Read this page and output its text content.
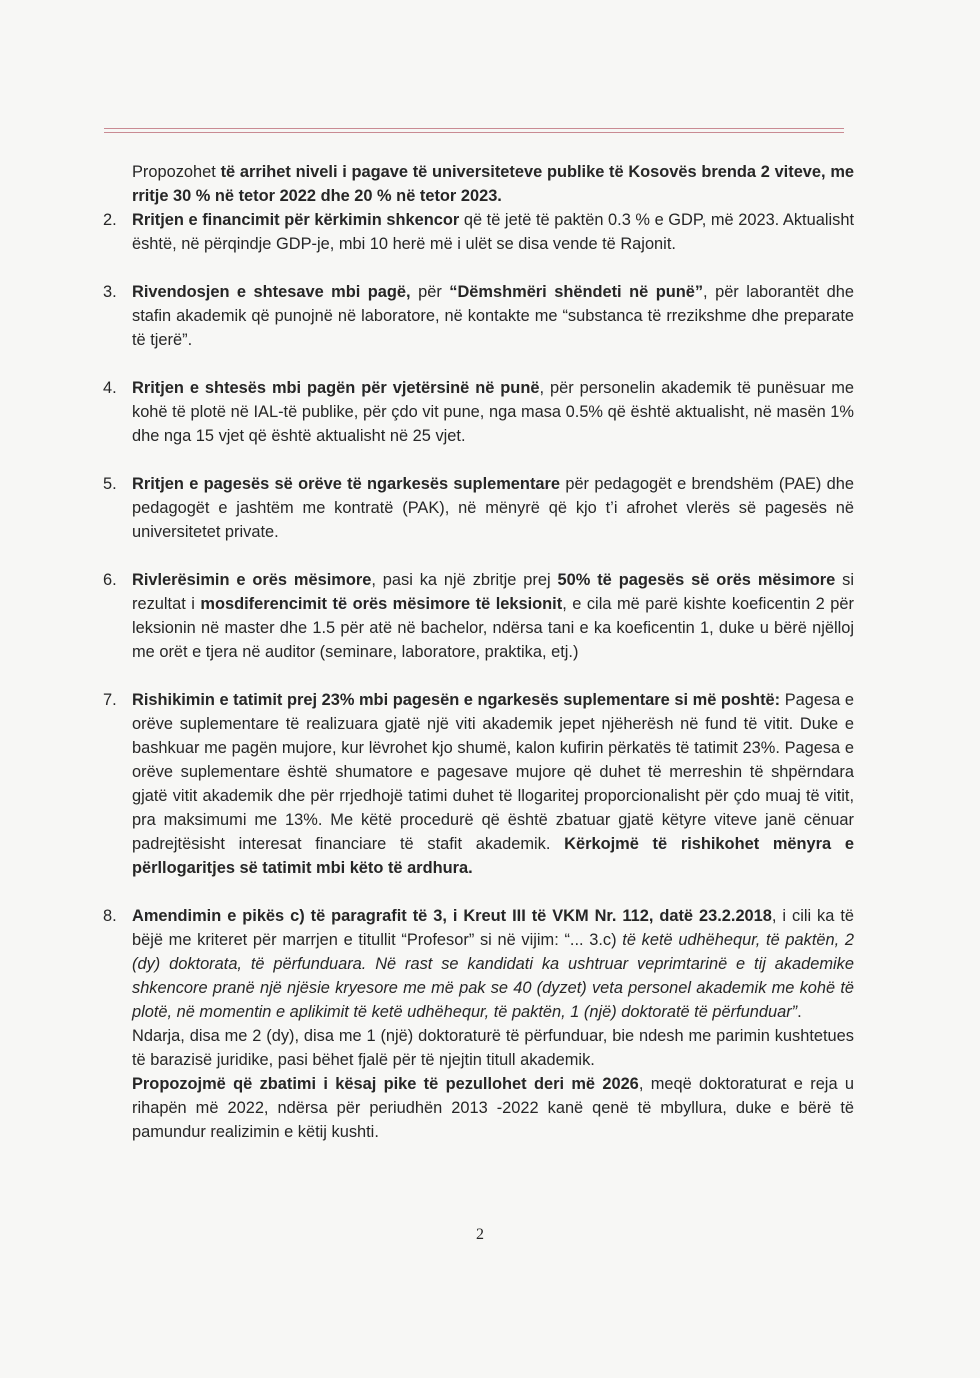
Propozohet të arrihet niveli i pagave të universiteteve publike të Kosovës brenda 2 viteve, me rritje 30 % në tetor 2022 dhe 20 % në tetor 2023.

2. Rritjen e financimit për kërkimin shkencor që të jetë të paktën 0.3 % e GDP, më 2023. Aktualisht është, në përqindje GDP-je, mbi 10 herë më i ulët se disa vende të Rajonit.

3. Rivendosjen e shtesave mbi pagë, për “Dëmshmëri shëndeti në punë”, për laborantët dhe stafin akademik që punojnë në laboratore, në kontakte me “substanca të rrezikshme dhe preparate të tjerë”.

4. Rritjen e shtesës mbi pagën për vjetërsinë në punë, për personelin akademik të punësuar me kohë të plotë në IAL-të publike, për çdo vit pune, nga masa 0.5% që është aktualisht, në masën 1% dhe nga 15 vjet që është aktualisht në 25 vjet.

5. Rritjen e pagesës së orëve të ngarkesës suplementare për pedagogët e brendshëm (PAE) dhe pedagogët e jashtëm me kontratë (PAK), në mënyrë që kjo t’i afrohet vlerës së pagesës në universitetet private.

6. Rivlerësimin e orës mësimore, pasi ka një zbritje prej 50% të pagesës së orës mësimore si rezultat i mosdiferencimit të orës mësimore të leksionit, e cila më parë kishte koeficentin 2 për leksionin në master dhe 1.5 për atë në bachelor, ndërsa tani e ka koeficentin 1, duke u bërë njëlloj me orët e tjera në auditor (seminare, laboratore, praktika, etj.)

7. Rishikimin e tatimit prej 23% mbi pagesën e ngarkesës suplementare si më poshtë: Pagesa e orëve suplementare të realizuara gjatë një viti akademik jepet njëherësh në fund të vitit. Duke e bashkuar me pagën mujore, kur lëvrohet kjo shumë, kalon kufirin përkatës të tatimit 23%. Pagesa e orëve suplementare është shumatore e pagesave mujore që duhet të merreshin të shpërndara gjatë vitit akademik dhe për rrjedhojë tatimi duhet të llogaritej proporcionalisht për çdo muaj të vitit, pra maksimumi me 13%. Me këtë procedurë që është zbatuar gjatë këtyre viteve janë cënuar padrejtësisht interesat financiare të stafit akademik. Kërkojmë të rishikohet mënyra e përllogaritjes së tatimit mbi këto të ardhura.

8. Amendimin e pikës c) të paragrafit të 3, i Kreut III të VKM Nr. 112, datë 23.2.2018, i cili ka të bëjë me kriteret për marrjen e titullit “Profesor” si në vijim: “... 3.c) të ketë udhëhequr, të paktën, 2 (dy) doktorata, të përfunduara. Në rast se kandidati ka ushtruar veprimtarinë e tij akademike shkencore pranë një njësie kryesore me më pak se 40 (dyzet) veta personel akademik me kohë të plotë, në momentin e aplikimit të ketë udhëhequr, të paktën, 1 (një) doktoratë të përfunduar”.

Ndarja, disa me 2 (dy), disa me 1 (një) doktoraturë të përfunduar, bie ndesh me parimin kushtetues të barazisë juridike, pasi bëhet fjalë për të njejtin titull akademik.

Propozojmë që zbatimi i kësaj pike të pezullohet deri më 2026, meqë doktoraturat e reja u rihapën më 2022, ndërsa për periudhën 2013 -2022 kanë qenë të mbyllura, duke e bërë të pamundur realizimin e këtij kushti.

2
